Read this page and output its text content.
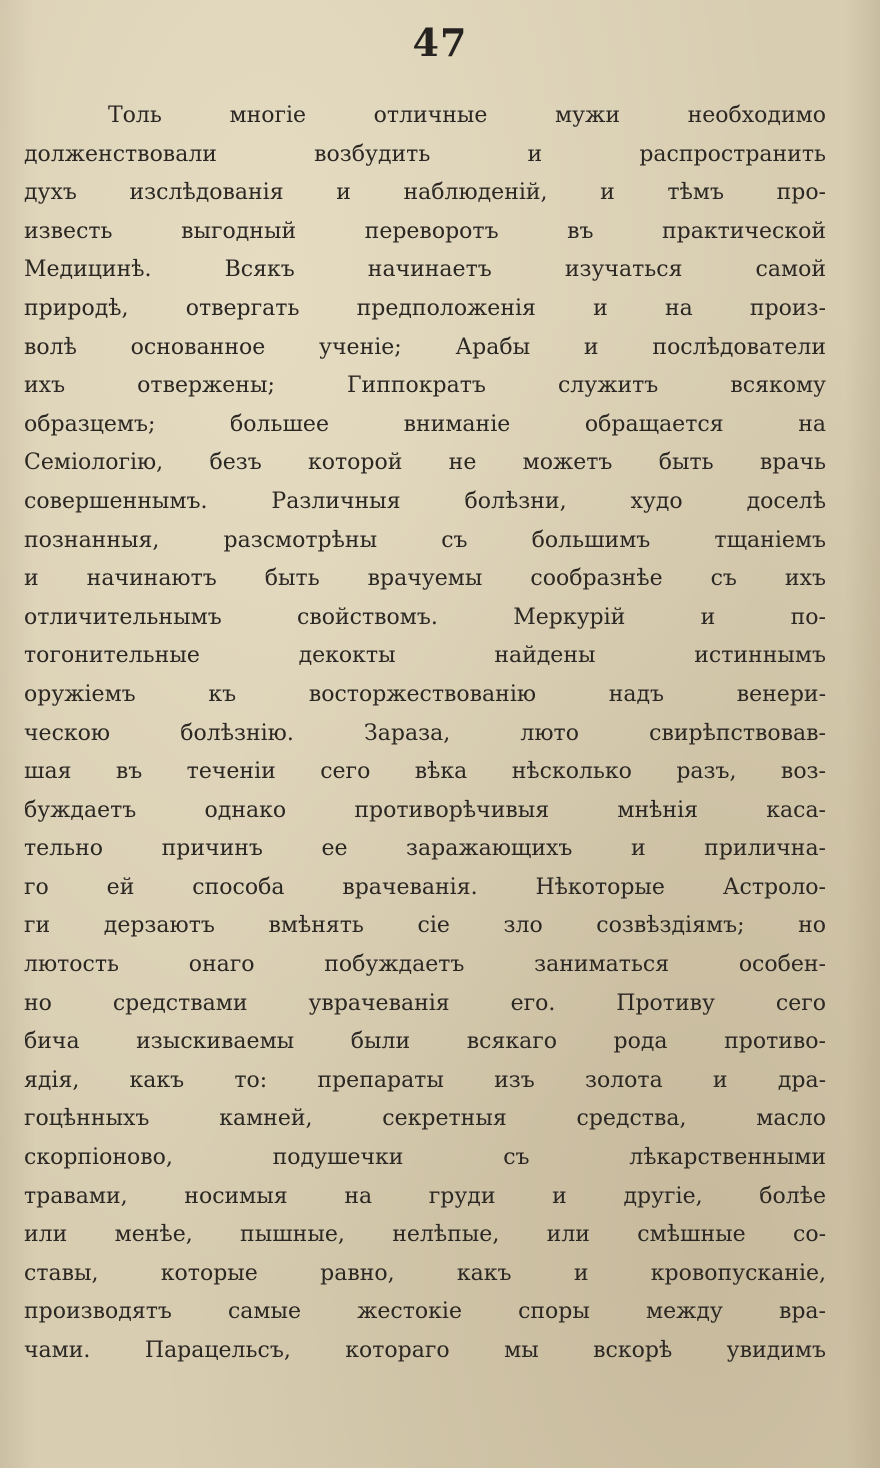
47
Толь многіе отличные мужи необходимо
долженствовали возбудить и распространить
духъ изслѣдованія и наблюденій, и тѣмъ про-
известь выгодный переворотъ въ практической
Медицинѣ. Всякъ начинаетъ изучаться самой
природѣ, отвергать предположенія и на произ-
волѣ основанное ученіе; Арабы и послѣдователи
ихъ отвержены; Гиппократъ служитъ всякому
образцемъ; большее вниманіе обращается на
Семіологію, безъ которой не можетъ быть врачь
совершеннымъ. Различныя болѣзни, худо доселѣ
познанныя, разсмотрѣны съ большимъ тщаніемъ
и начинаютъ быть врачуемы сообразнѣе съ ихъ
отличительнымъ свойствомъ. Меркурій и по-
тогонительные декокты найдены истиннымъ
оружіемъ къ восторжествованію надъ венери-
ческою болѣзнію. Зараза, люто свирѣпствовав-
шая въ теченіи сего вѣка нѣсколько разъ, воз-
буждаетъ однако противорѣчивыя мнѣнія каса-
тельно причинъ ее заражающихъ и прилична-
го ей способа врачеванія. Нѣкоторые Астроло-
ги дерзаютъ вмѣнять сіе зло созвѣздіямъ; но
лютость онаго побуждаетъ заниматься особен-
но средствами уврачеванія его. Противу сего
бича изыскиваемы были всякаго рода противо-
ядія, какъ то: препараты изъ золота и дра-
гоцѣнныхъ камней, секретныя средства, масло
скорпіоново, подушечки съ лѣкарственными
травами, носимыя на груди и другіе, болѣе
или менѣе, пышные, нелѣпые, или смѣшные со-
ставы, которые равно, какъ и кровопусканіе,
производятъ самые жестокіе споры между вра-
чами. Парацельсъ, котораго мы вскорѣ увидимъ
